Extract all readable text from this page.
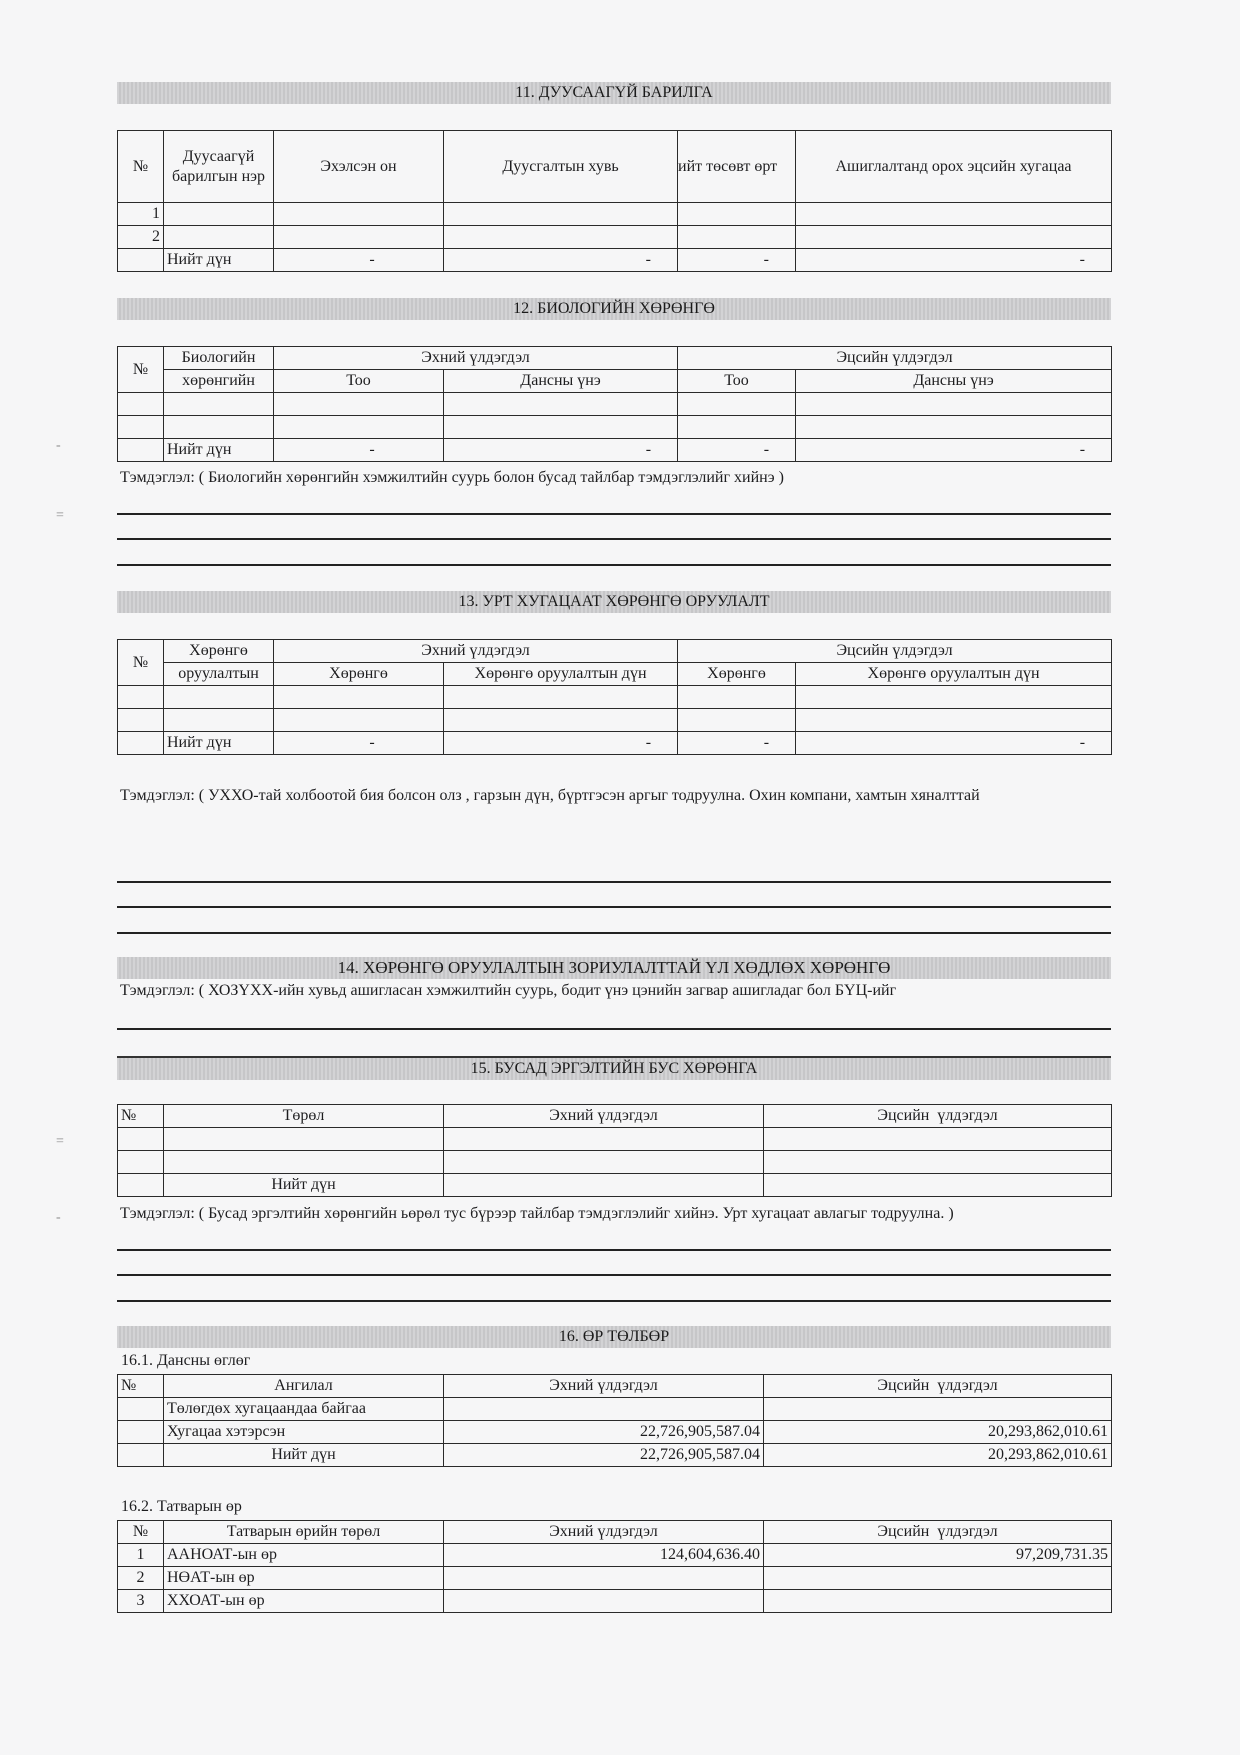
11. ДУУСААГҮЙ БАРИЛГА
№	Дуусаагүй барилгын нэр	Эхэлсэн он	Дуусгалтын хувь	ийт төсөвт өрт	Ашиглалтанд орох эцсийн хугацаа
1					
2					
	Нийт дүн	-	-	-	-
12. БИОЛОГИЙН ХӨРӨНГӨ
№	Биологийн	Эхний үлдэгдэл		Эцсийн үлдэгдэл	
	хөрөнгийн	Тоо	Дансны үнэ	Тоо	Дансны үнэ

	Нийт дүн	-	-	-	-
Тэмдэглэл: ( Биологийн хөрөнгийн хэмжилтийн суурь болон бусад тайлбар тэмдэглэлийг хийнэ )
13. УРТ ХУГАЦААТ ХӨРӨНГӨ ОРУУЛАЛТ
№	Хөрөнгө	Эхний үлдэгдэл		Эцсийн үлдэгдэл	
	оруулалтын	Хөрөнгө	Хөрөнгө оруулалтын дүн	Хөрөнгө	Хөрөнгө оруулалтын дүн

	Нийт дүн	-	-	-	-
Тэмдэглэл: ( УХХО-тай холбоотой бия болсон олз , гарзын дүн, бүртгэсэн аргыг тодруулна. Охин компани, хамтын хяналттай
14. ХӨРӨНГӨ ОРУУЛАЛТЫН ЗОРИУЛАЛТТАЙ ҮЛ ХӨДЛӨХ ХӨРӨНГӨ
Тэмдэглэл: ( ХОЗҮХХ-ийн хувьд ашигласан хэмжилтийн суурь, бодит үнэ цэнийн загвар ашигладаг бол БҮЦ-ийг
15. БУСАД ЭРГЭЛТИЙН БУС ХӨРӨНГА
№	Төрөл	Эхний үлдэгдэл	Эцсийн  үлдэгдэл

	Нийт дүн		
Тэмдэглэл: ( Бусад эргэлтийн хөрөнгийн ьөрөл тус бүрээр тайлбар тэмдэглэлийг хийнэ. Урт хугацаат авлагыг тодруулна. )
16. ӨР ТӨЛБӨР
16.1. Дансны өглөг
№	Ангилал	Эхний үлдэгдэл	Эцсийн  үлдэгдэл
	Төлөгдөх хугацаандаа байгаа		
	Хугацаа хэтэрсэн	22,726,905,587.04	20,293,862,010.61
	Нийт дүн	22,726,905,587.04	20,293,862,010.61
16.2. Татварын өр
№	Татварын өрийн төрөл	Эхний үлдэгдэл	Эцсийн  үлдэгдэл
1	ААНОАТ-ын өр	124,604,636.40	97,209,731.35
2	НӨАТ-ын өр		
3	ХХОАТ-ын өр		
-
=
=
-
